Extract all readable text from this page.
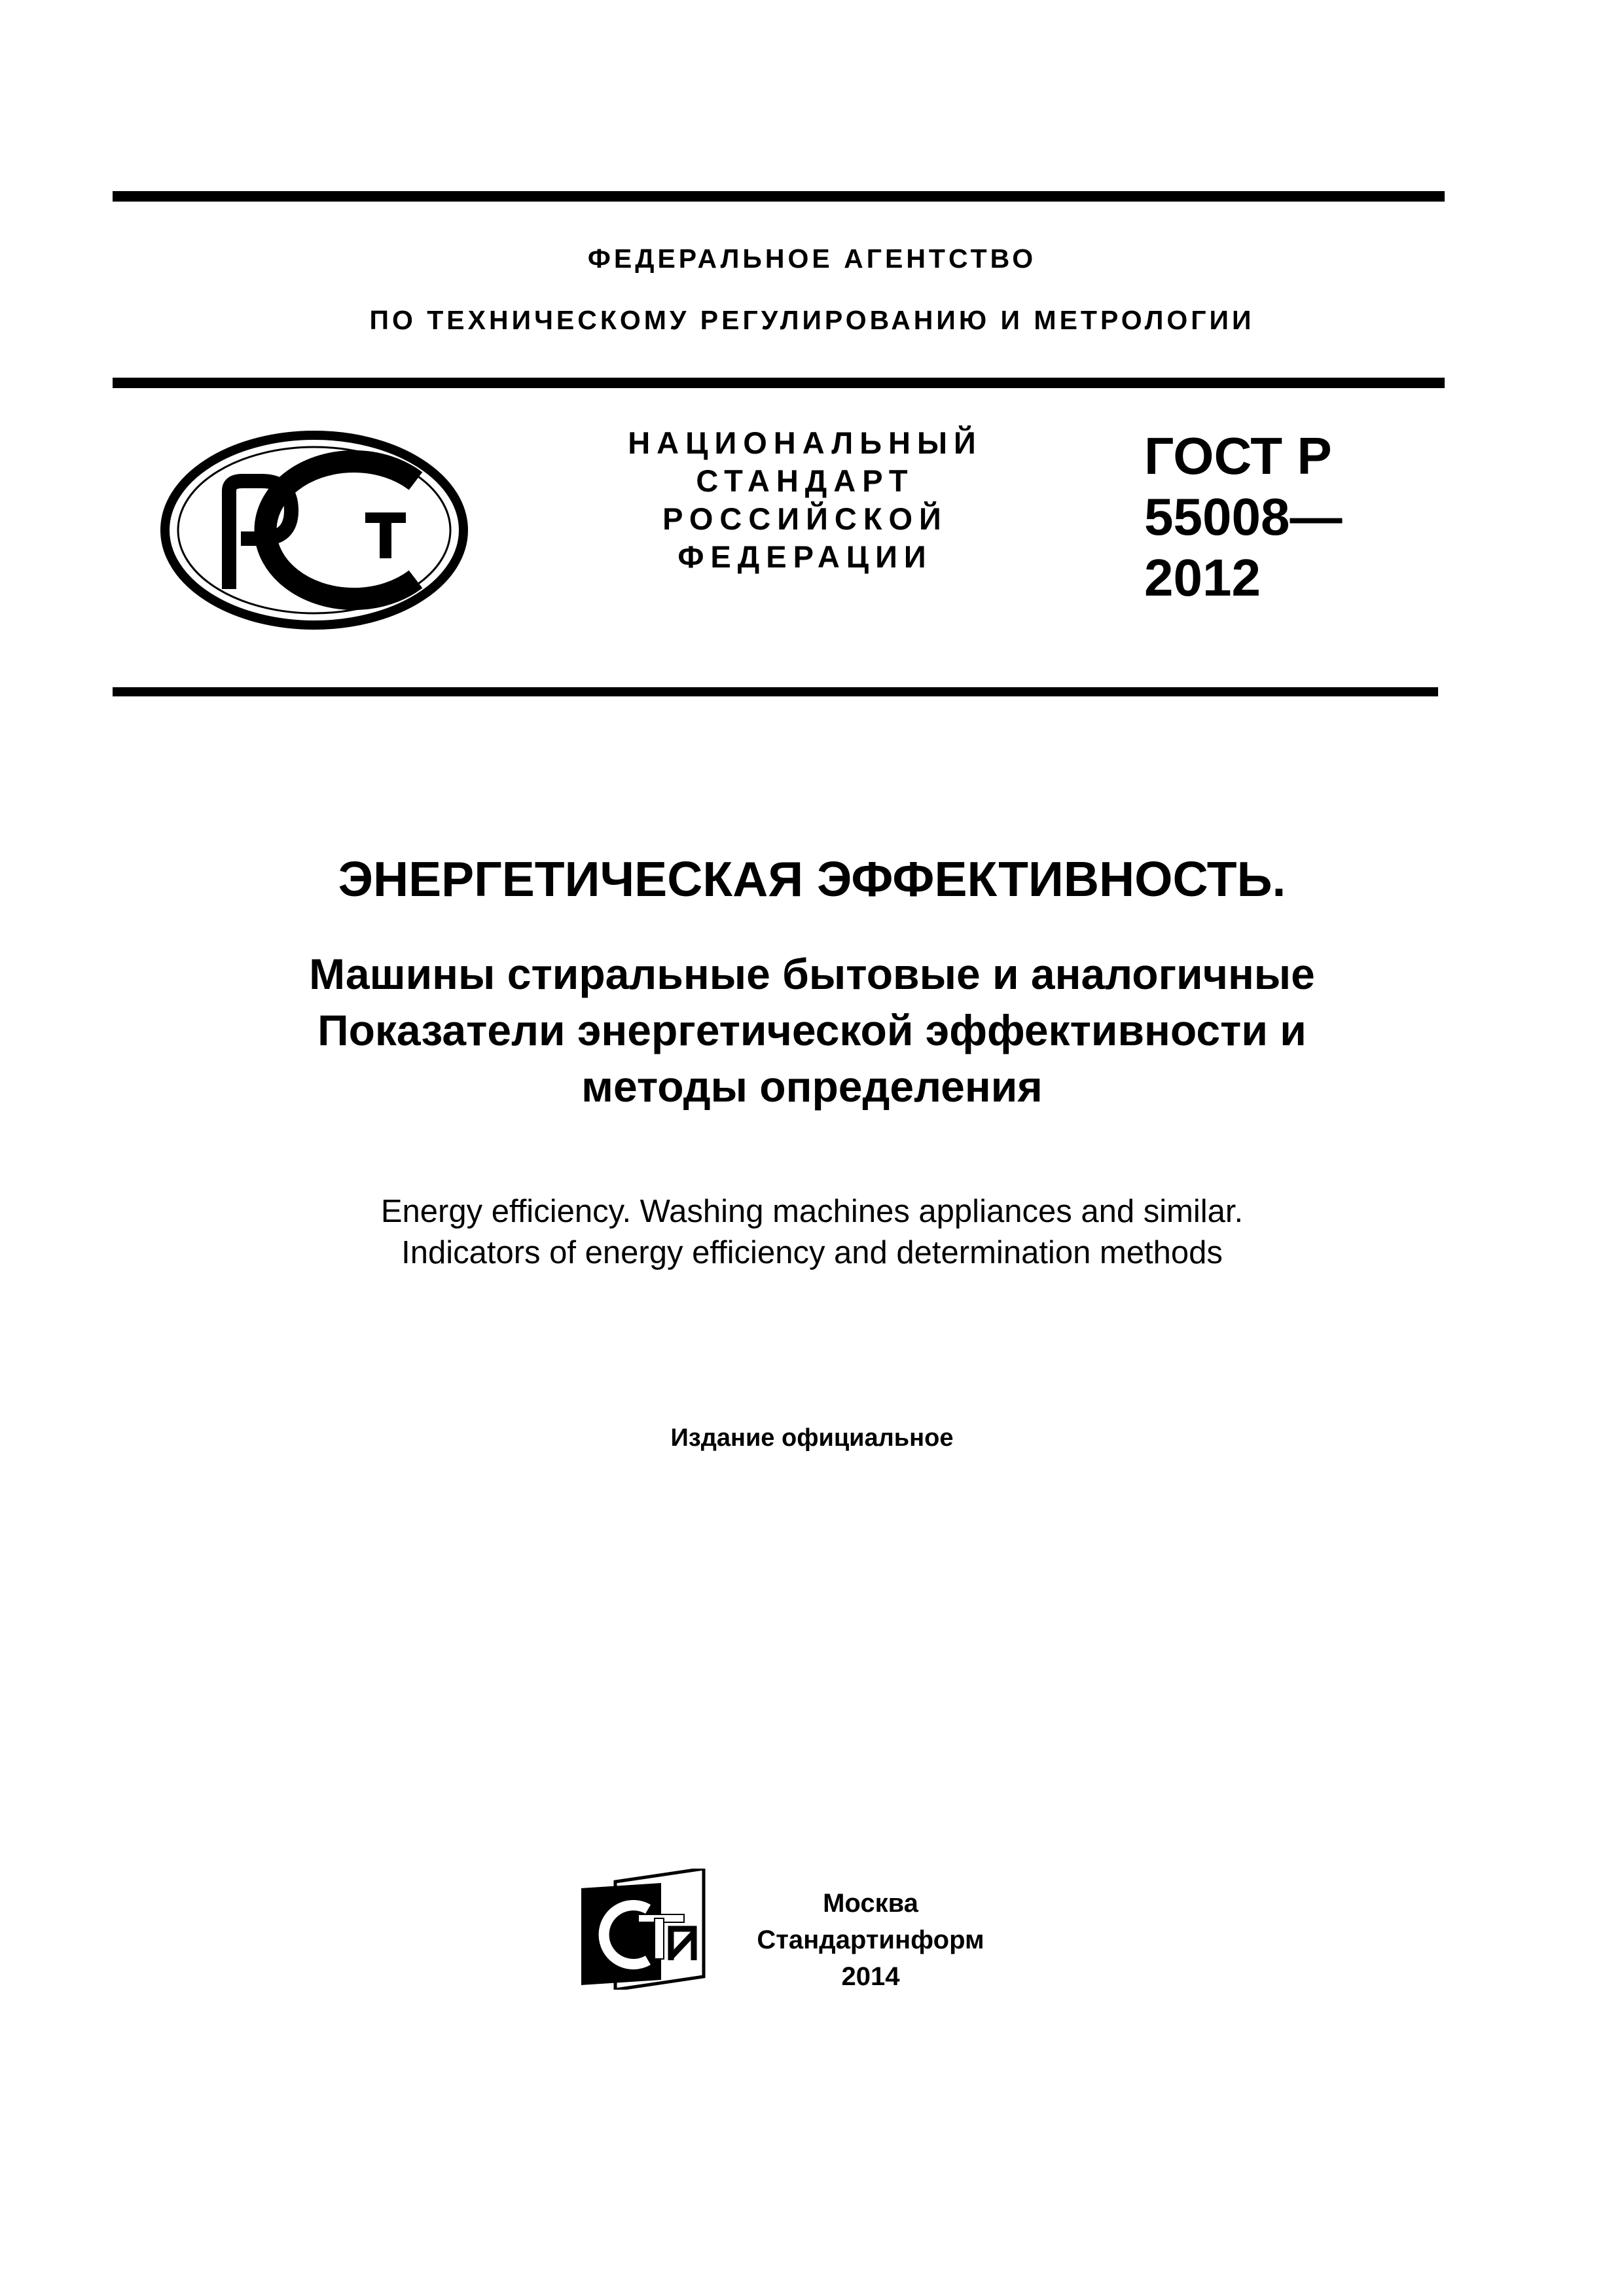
ФЕДЕРАЛЬНОЕ АГЕНТСТВО
ПО ТЕХНИЧЕСКОМУ РЕГУЛИРОВАНИЮ И МЕТРОЛОГИИ
НАЦИОНАЛЬНЫЙ
СТАНДАРТ
РОССИЙСКОЙ
ФЕДЕРАЦИИ
ГОСТ Р
55008—
2012
ЭНЕРГЕТИЧЕСКАЯ ЭФФЕКТИВНОСТЬ.
Машины стиральные бытовые и аналогичные
Показатели энергетической эффективности и
методы определения
Energy efficiency. Washing machines appliances and similar.
Indicators of energy efficiency and determination methods
Издание официальное
Москва
Стандартинформ
2014
